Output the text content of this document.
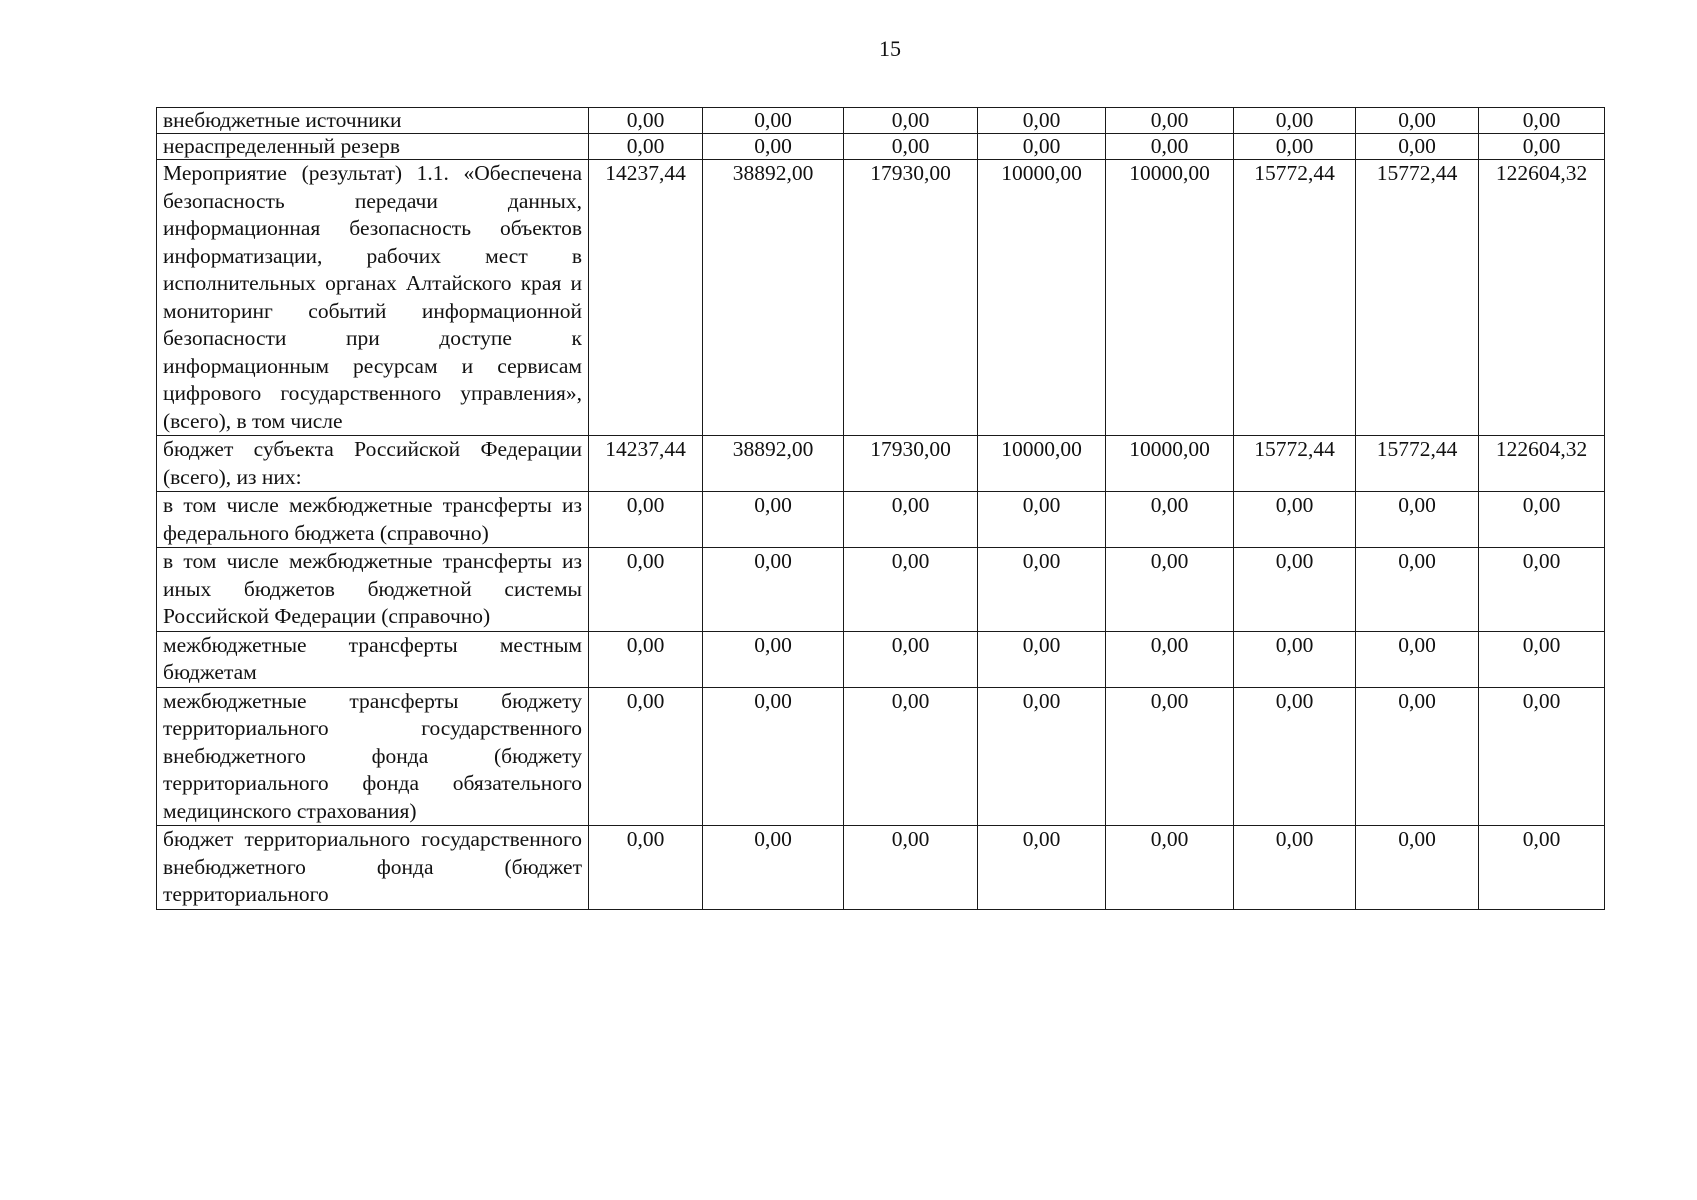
15
внебюджетные источники	0,00	0,00	0,00	0,00	0,00	0,00	0,00	0,00
нераспределенный резерв	0,00	0,00	0,00	0,00	0,00	0,00	0,00	0,00
Мероприятие (результат) 1.1. «Обеспечена безопасность передачи данных, информационная безопасность объектов информатизации, рабочих мест в исполнительных органах Алтайского края и мониторинг событий информационной безопасности при доступе к информационным ресурсам и сервисам цифрового государственного управления», (всего), в том числе	14237,44	38892,00	17930,00	10000,00	10000,00	15772,44	15772,44	122604,32
бюджет субъекта Российской Федерации (всего), из них:	14237,44	38892,00	17930,00	10000,00	10000,00	15772,44	15772,44	122604,32
в том числе межбюджетные трансферты из федерального бюджета (справочно)	0,00	0,00	0,00	0,00	0,00	0,00	0,00	0,00
в том числе межбюджетные трансферты из иных бюджетов бюджетной системы Российской Федерации (справочно)	0,00	0,00	0,00	0,00	0,00	0,00	0,00	0,00
межбюджетные трансферты местным бюджетам	0,00	0,00	0,00	0,00	0,00	0,00	0,00	0,00
межбюджетные трансферты бюджету территориального государственного внебюджетного фонда (бюджету территориального фонда обязательного медицинского страхования)	0,00	0,00	0,00	0,00	0,00	0,00	0,00	0,00
бюджет территориального государственного внебюджетного фонда (бюджет территориального	0,00	0,00	0,00	0,00	0,00	0,00	0,00	0,00
